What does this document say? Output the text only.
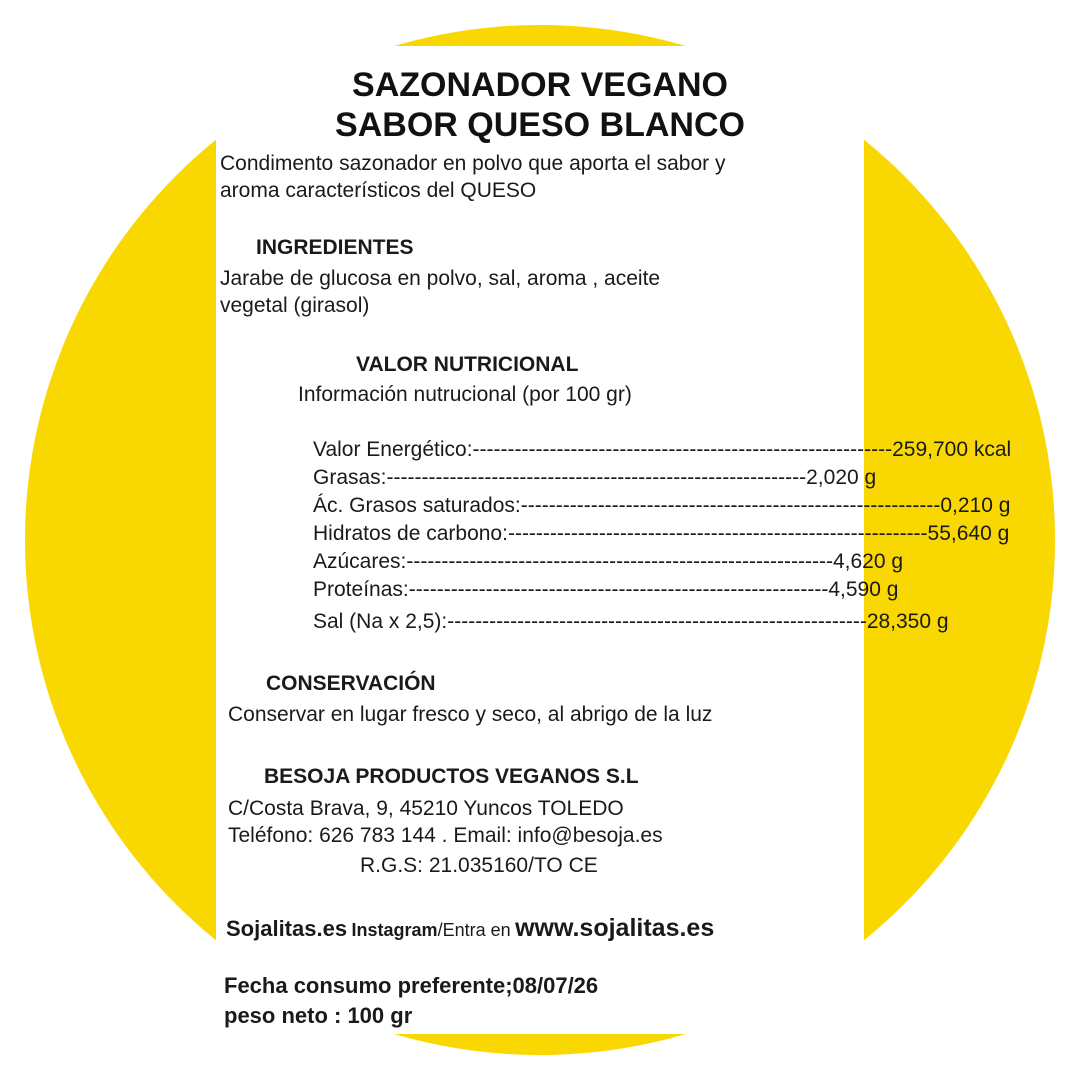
SAZONADOR VEGANO
SABOR QUESO BLANCO
Condimento sazonador en polvo que aporta el sabor y
aroma característicos del QUESO
INGREDIENTES
Jarabe de glucosa en polvo, sal, aroma , aceite
vegetal (girasol)
VALOR NUTRICIONAL
Información nutrucional (por 100 gr)
Valor Energético: ------------------------------------------------------------ 259,700 kcal
Grasas: ------------------------------------------------------------ 2,020 g
Ác. Grasos saturados: ------------------------------------------------------------ 0,210 g
Hidratos de carbono: ------------------------------------------------------------ 55,640 g
Azúcares: ------------------------------------------------------------ -4,620 g
Proteínas: ------------------------------------------------------------ 4,590 g
Sal (Na x 2,5): ------------------------------------------------------------ 28,350 g
CONSERVACIÓN
Conservar en lugar fresco y seco, al abrigo de la luz
BESOJA PRODUCTOS VEGANOS S.L
C/Costa Brava, 9, 45210 Yuncos TOLEDO
Teléfono: 626 783 144 . Email: info@besoja.es
R.G.S: 21.035160/TO CE
Sojalitas.es Instagram/Entra en www.sojalitas.es
Fecha consumo preferente;08/07/26
peso neto : 100 gr
